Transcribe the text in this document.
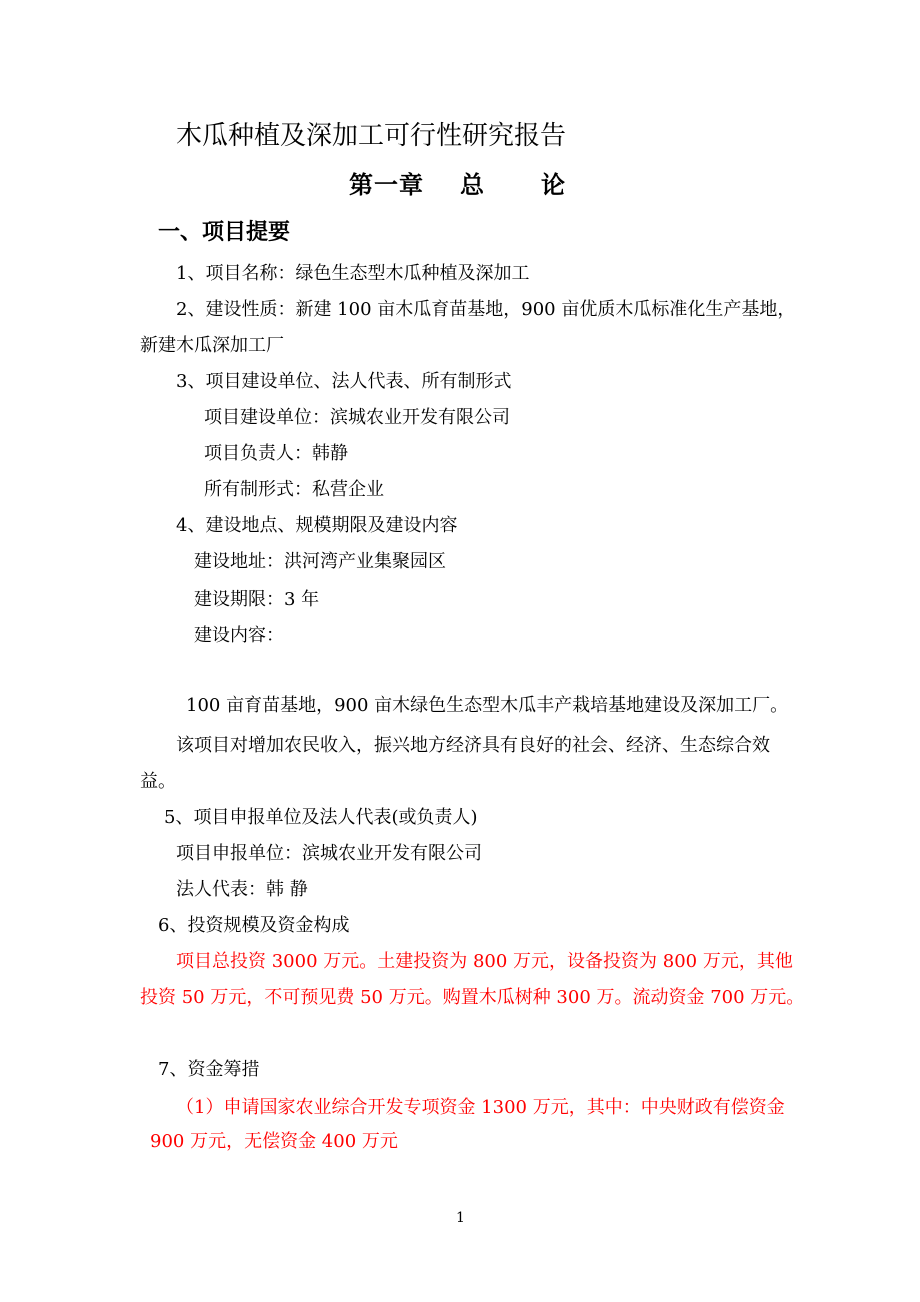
木瓜种植及深加工可行性研究报告
第一章 总 论
一、项目提要
1、项目名称：绿色生态型木瓜种植及深加工
2、建设性质：新建 100 亩木瓜育苗基地，900 亩优质木瓜标准化生产基地，
新建木瓜深加工厂
3、项目建设单位、法人代表、所有制形式
项目建设单位：滨城农业开发有限公司
项目负责人：韩静
所有制形式：私营企业
4、建设地点、规模期限及建设内容
建设地址：洪河湾产业集聚园区
建设期限：3 年
建设内容：
100 亩育苗基地，900 亩木绿色生态型木瓜丰产栽培基地建设及深加工厂。
该项目对增加农民收入，振兴地方经济具有良好的社会、经济、生态综合效
益。
5、项目申报单位及法人代表(或负责人)
项目申报单位：滨城农业开发有限公司
法人代表：韩 静
6、投资规模及资金构成
项目总投资 3000 万元。土建投资为 800 万元，设备投资为 800 万元，其他
投资 50 万元，不可预见费 50 万元。购置木瓜树种 300 万。流动资金 700 万元。
7、资金筹措
（1）申请国家农业综合开发专项资金 1300 万元，其中：中央财政有偿资金
900 万元，无偿资金 400 万元
1
